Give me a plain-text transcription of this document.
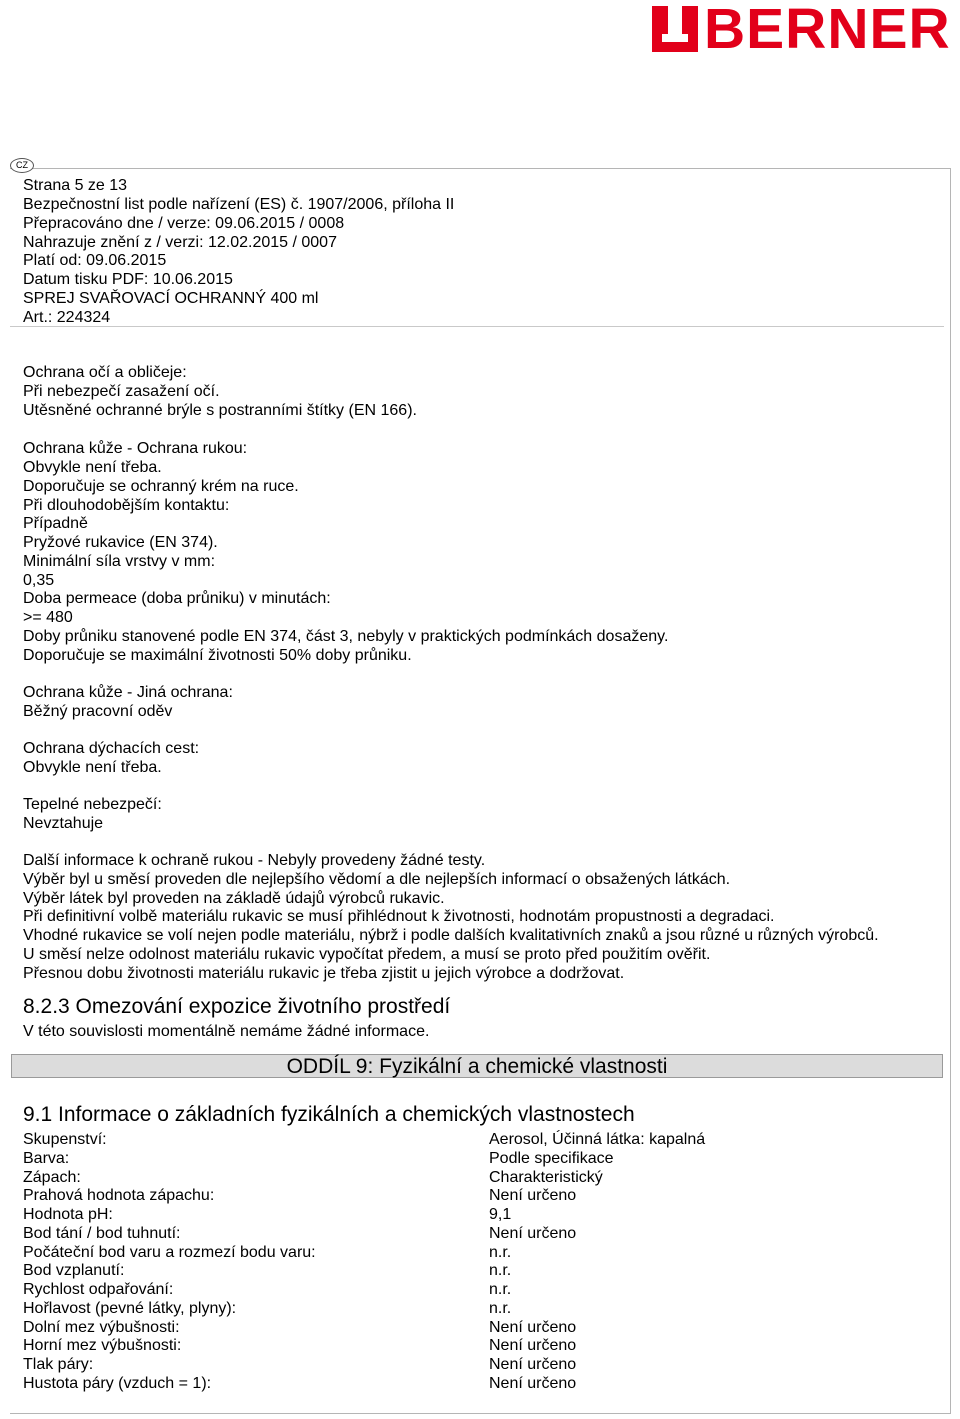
BERNER
CZ
Strana 5 ze 13
Bezpečnostní list podle nařízení (ES) č. 1907/2006, příloha II
Přepracováno dne / verze: 09.06.2015 / 0008
Nahrazuje znění z / verzi: 12.02.2015 / 0007
Platí od: 09.06.2015
Datum tisku PDF: 10.06.2015
SPREJ SVAŘOVACÍ OCHRANNÝ 400 ml
Art.: 224324
Ochrana očí a obličeje:
Při nebezpečí zasažení očí.
Utěsněné ochranné brýle s postranními štítky (EN 166).
Ochrana kůže - Ochrana rukou:
Obvykle není třeba.
Doporučuje se ochranný krém na ruce.
Při dlouhodobějším kontaktu:
Případně
Pryžové rukavice (EN 374).
Minimální síla vrstvy v mm:
0,35
Doba permeace (doba průniku) v minutách:
>= 480
Doby průniku stanovené podle EN 374, část 3, nebyly v praktických podmínkách dosaženy.
Doporučuje se maximální životnosti 50% doby průniku.
Ochrana kůže - Jiná ochrana:
Běžný pracovní oděv
Ochrana dýchacích cest:
Obvykle není třeba.
Tepelné nebezpečí:
Nevztahuje
Další informace k ochraně rukou - Nebyly provedeny žádné testy.
Výběr byl u směsí proveden dle nejlepšího vědomí a dle nejlepších informací o obsažených látkách.
Výběr látek byl proveden na základě údajů výrobců rukavic.
Při definitivní volbě materiálu rukavic se musí přihlédnout k životnosti, hodnotám propustnosti a degradaci.
Vhodné rukavice se volí nejen podle materiálu, nýbrž i podle dalších kvalitativních znaků a jsou různé u různých výrobců.
U směsí nelze odolnost materiálu rukavic vypočítat předem, a musí se proto před použitím ověřit.
Přesnou dobu životnosti materiálu rukavic je třeba zjistit u jejich výrobce a dodržovat.
8.2.3 Omezování expozice životního prostředí
V této souvislosti momentálně nemáme žádné informace.
ODDÍL 9: Fyzikální a chemické vlastnosti
9.1 Informace o základních fyzikálních a chemických vlastnostech
Skupenství:	Aerosol, Účinná látka: kapalná
Barva:	Podle specifikace
Zápach:	Charakteristický
Prahová hodnota zápachu:	Není určeno
Hodnota pH:	9,1
Bod tání / bod tuhnutí:	Není určeno
Počáteční bod varu a rozmezí bodu varu:	n.r.
Bod vzplanutí:	n.r.
Rychlost odpařování:	n.r.
Hořlavost (pevné látky, plyny):	n.r.
Dolní mez výbušnosti:	Není určeno
Horní mez výbušnosti:	Není určeno
Tlak páry:	Není určeno
Hustota páry (vzduch = 1):	Není určeno
